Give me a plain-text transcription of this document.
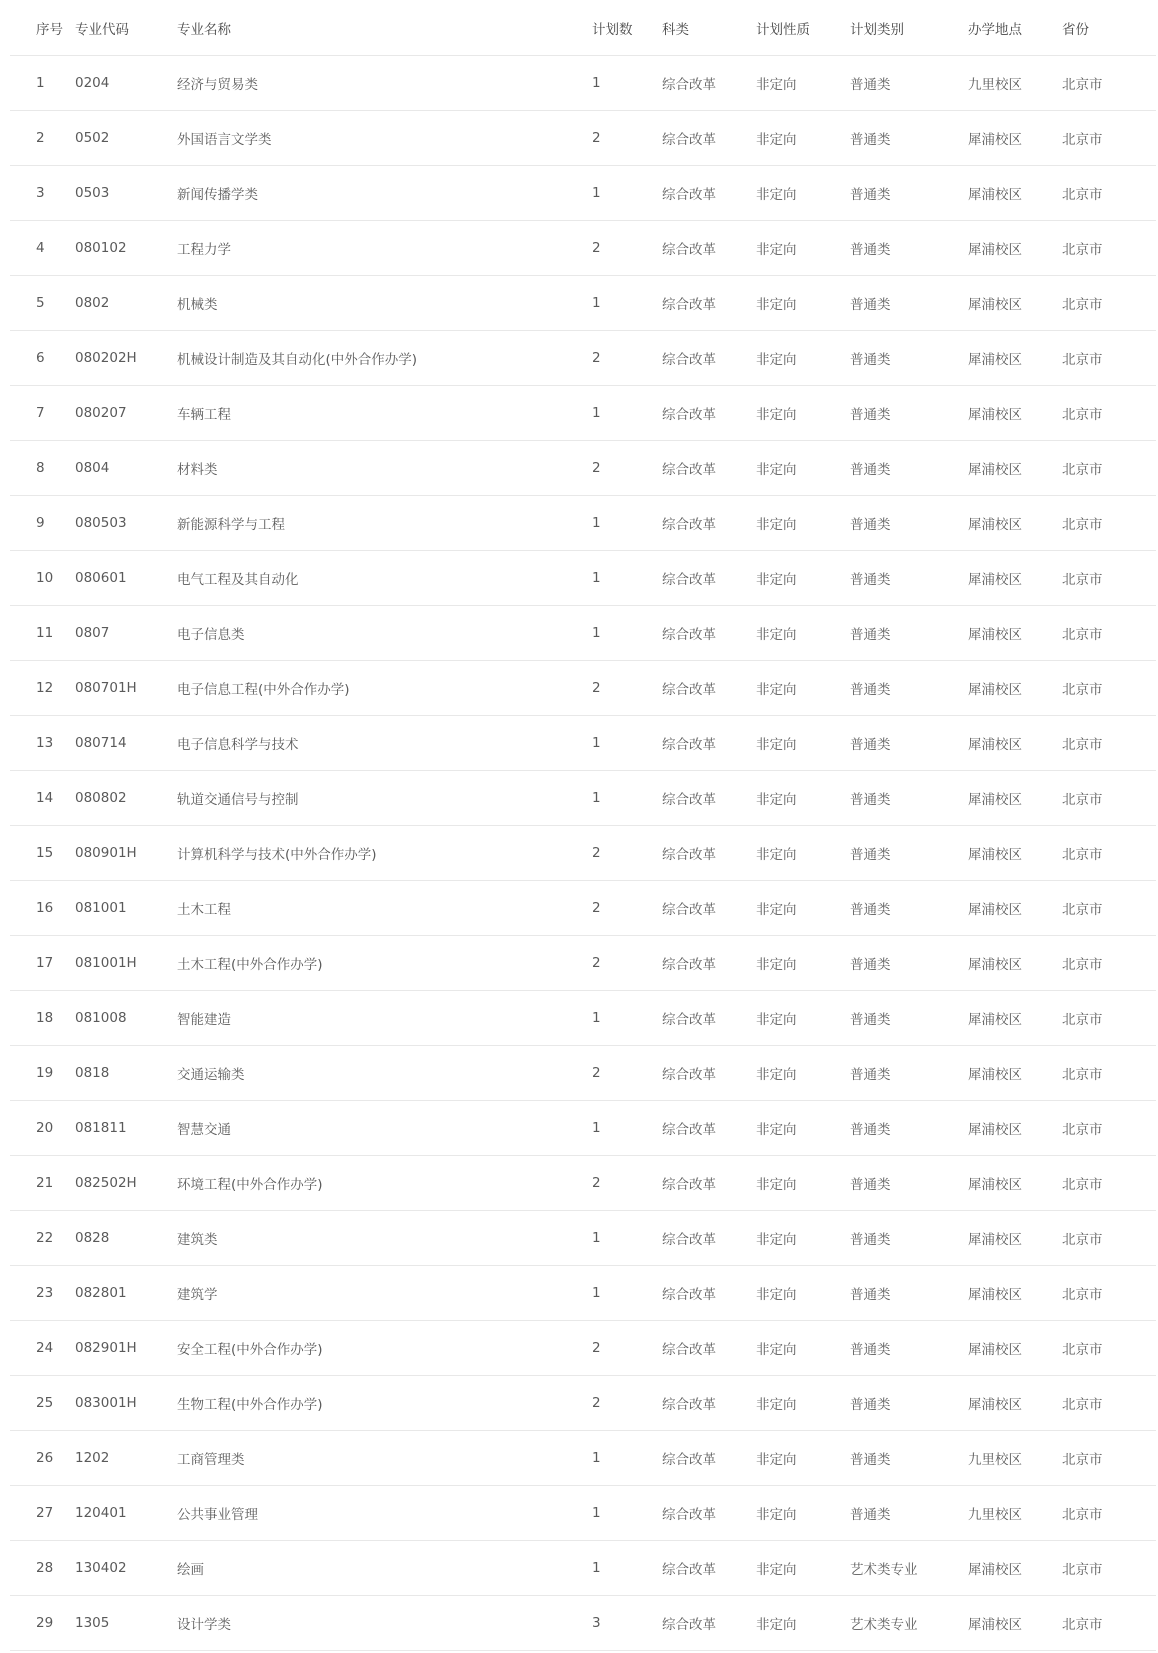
序号	专业代码	专业名称	计划数	科类	计划性质	计划类别	办学地点	省份
1	0204	经济与贸易类	1	综合改革	非定向	普通类	九里校区	北京市
2	0502	外国语言文学类	2	综合改革	非定向	普通类	犀浦校区	北京市
3	0503	新闻传播学类	1	综合改革	非定向	普通类	犀浦校区	北京市
4	080102	工程力学	2	综合改革	非定向	普通类	犀浦校区	北京市
5	0802	机械类	1	综合改革	非定向	普通类	犀浦校区	北京市
6	080202H	机械设计制造及其自动化(中外合作办学)	2	综合改革	非定向	普通类	犀浦校区	北京市
7	080207	车辆工程	1	综合改革	非定向	普通类	犀浦校区	北京市
8	0804	材料类	2	综合改革	非定向	普通类	犀浦校区	北京市
9	080503	新能源科学与工程	1	综合改革	非定向	普通类	犀浦校区	北京市
10	080601	电气工程及其自动化	1	综合改革	非定向	普通类	犀浦校区	北京市
11	0807	电子信息类	1	综合改革	非定向	普通类	犀浦校区	北京市
12	080701H	电子信息工程(中外合作办学)	2	综合改革	非定向	普通类	犀浦校区	北京市
13	080714	电子信息科学与技术	1	综合改革	非定向	普通类	犀浦校区	北京市
14	080802	轨道交通信号与控制	1	综合改革	非定向	普通类	犀浦校区	北京市
15	080901H	计算机科学与技术(中外合作办学)	2	综合改革	非定向	普通类	犀浦校区	北京市
16	081001	土木工程	2	综合改革	非定向	普通类	犀浦校区	北京市
17	081001H	土木工程(中外合作办学)	2	综合改革	非定向	普通类	犀浦校区	北京市
18	081008	智能建造	1	综合改革	非定向	普通类	犀浦校区	北京市
19	0818	交通运输类	2	综合改革	非定向	普通类	犀浦校区	北京市
20	081811	智慧交通	1	综合改革	非定向	普通类	犀浦校区	北京市
21	082502H	环境工程(中外合作办学)	2	综合改革	非定向	普通类	犀浦校区	北京市
22	0828	建筑类	1	综合改革	非定向	普通类	犀浦校区	北京市
23	082801	建筑学	1	综合改革	非定向	普通类	犀浦校区	北京市
24	082901H	安全工程(中外合作办学)	2	综合改革	非定向	普通类	犀浦校区	北京市
25	083001H	生物工程(中外合作办学)	2	综合改革	非定向	普通类	犀浦校区	北京市
26	1202	工商管理类	1	综合改革	非定向	普通类	九里校区	北京市
27	120401	公共事业管理	1	综合改革	非定向	普通类	九里校区	北京市
28	130402	绘画	1	综合改革	非定向	艺术类专业	犀浦校区	北京市
29	1305	设计学类	3	综合改革	非定向	艺术类专业	犀浦校区	北京市
